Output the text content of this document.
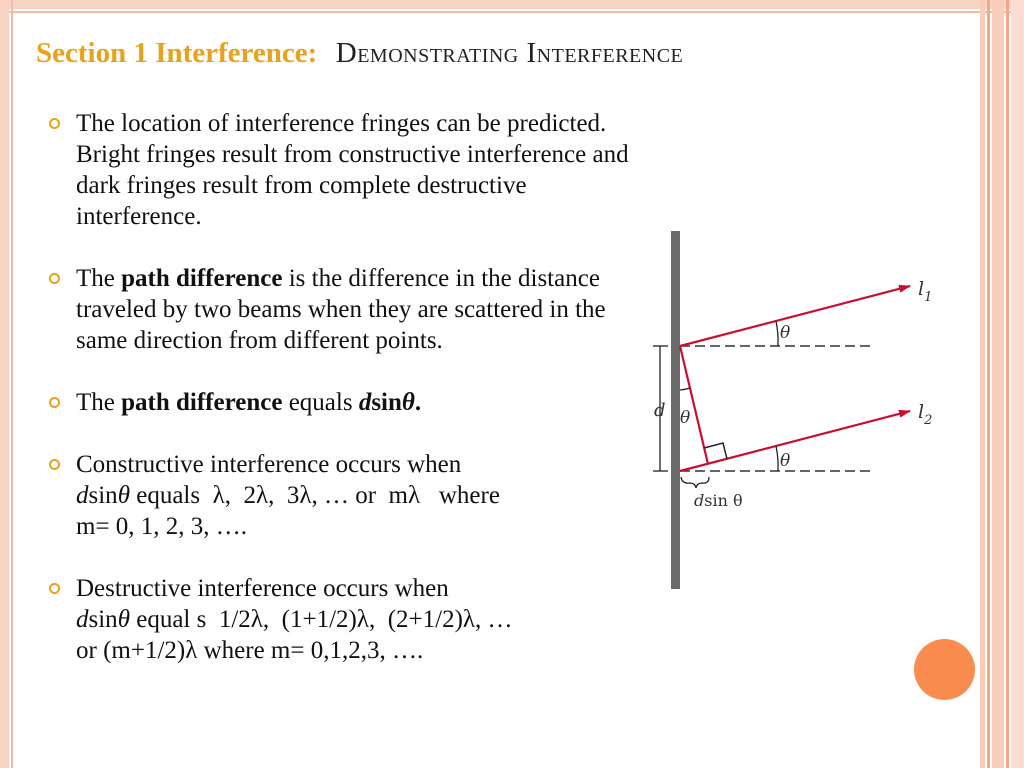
Section 1 Interference: Demonstrating Interference
The location of interference fringes can be predicted. Bright fringes result from constructive interference and dark fringes result from complete destructive interference.
The path difference is the difference in the distance traveled by two beams when they are scattered in the same direction from different points.
The path difference equals dsinθ.
Constructive interference occurs when
dsinθ equals  λ,  2λ,  3λ, … or  mλ   where
m= 0, 1, 2, 3, ….
Destructive interference occurs when
dsinθ equal s  1/2λ,  (1+1/2)λ,  (2+1/2)λ, …
or (m+1/2)λ where m= 0,1,2,3, ….
$l_1$
$l_2$
θ
θ
θ
d
dsin θ
